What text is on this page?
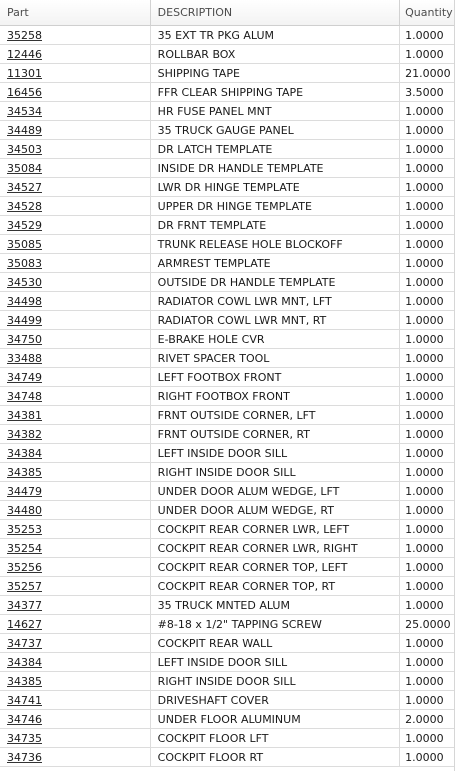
Part	DESCRIPTION	Quantity
35258	35 EXT TR PKG ALUM	1.0000
12446	ROLLBAR BOX	1.0000
11301	SHIPPING TAPE	21.0000
16456	FFR CLEAR SHIPPING TAPE	3.5000
34534	HR FUSE PANEL MNT	1.0000
34489	35 TRUCK GAUGE PANEL	1.0000
34503	DR LATCH TEMPLATE	1.0000
35084	INSIDE DR HANDLE TEMPLATE	1.0000
34527	LWR DR HINGE TEMPLATE	1.0000
34528	UPPER DR HINGE TEMPLATE	1.0000
34529	DR FRNT TEMPLATE	1.0000
35085	TRUNK RELEASE HOLE BLOCKOFF	1.0000
35083	ARMREST TEMPLATE	1.0000
34530	OUTSIDE DR HANDLE TEMPLATE	1.0000
34498	RADIATOR COWL LWR MNT, LFT	1.0000
34499	RADIATOR COWL LWR MNT, RT	1.0000
34750	E-BRAKE HOLE CVR	1.0000
33488	RIVET SPACER TOOL	1.0000
34749	LEFT FOOTBOX FRONT	1.0000
34748	RIGHT FOOTBOX FRONT	1.0000
34381	FRNT OUTSIDE CORNER, LFT	1.0000
34382	FRNT OUTSIDE CORNER, RT	1.0000
34384	LEFT INSIDE DOOR SILL	1.0000
34385	RIGHT INSIDE DOOR SILL	1.0000
34479	UNDER DOOR ALUM WEDGE, LFT	1.0000
34480	UNDER DOOR ALUM WEDGE, RT	1.0000
35253	COCKPIT REAR CORNER LWR, LEFT	1.0000
35254	COCKPIT REAR CORNER LWR, RIGHT	1.0000
35256	COCKPIT REAR CORNER TOP, LEFT	1.0000
35257	COCKPIT REAR CORNER TOP, RT	1.0000
34377	35 TRUCK MNTED ALUM	1.0000
14627	#8-18 x 1/2" TAPPING SCREW	25.0000
34737	COCKPIT REAR WALL	1.0000
34384	LEFT INSIDE DOOR SILL	1.0000
34385	RIGHT INSIDE DOOR SILL	1.0000
34741	DRIVESHAFT COVER	1.0000
34746	UNDER FLOOR ALUMINUM	2.0000
34735	COCKPIT FLOOR LFT	1.0000
34736	COCKPIT FLOOR RT	1.0000
